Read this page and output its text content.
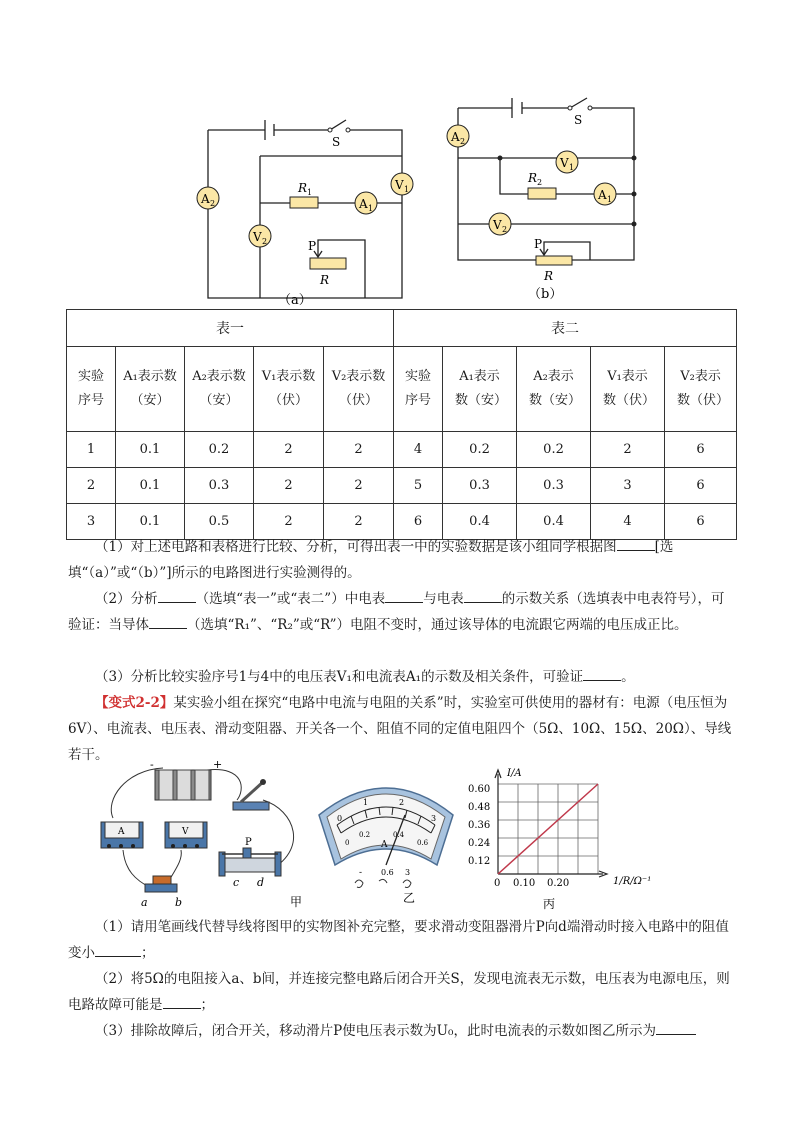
S
A 2
V 1
V 2
A 1
R 1
P
R
（a）
S
A 2
V 1
A 1
V 2
R 2
P
R
（b）
表一					表二				
实验序号	A₁表示数（安）	A₂表示数（安）	V₁表示数（伏）	V₂表示数（伏）	实验序号	A₁表示数（安）	A₂表示数（安）	V₁表示数（伏）	V₂表示数（伏）
1	0.1	0.2	2	2	4	0.2	0.2	2	6
2	0.1	0.3	2	2	5	0.3	0.3	3	6
3	0.1	0.5	2	2	6	0.4	0.4	4	6

（1）对上述电路和表格进行比较、分析，可得出表一中的实验数据是该小组同学根据图	[选填“（a）”或“（b）”]所示的电路图进行实验测得的。

（2）分析	（选填“表一”或“表二”）中电表	与电表	的示数关系（选填表中电表符号），可验证：当导体	（选填“R₁”、“R₂”或“R”）电阻不变时，通过该导体的电流跟它两端的电压成正比。

（3）分析比较实验序号1与4中的电压表V₁和电流表A₁的示数及相关条件，可验证	。

【变式2-2】某实验小组在探究“电路中电流与电阻的关系”时，实验室可供使用的器材有：电源（电压恒为6V）、电流表、电压表、滑动变阻器、开关各一个、阻值不同的定值电阻四个（5Ω、10Ω、15Ω、20Ω）、导线若干。

-	+
A	V
a b
P
c d
甲
0
1	2
3
0
0.2	0.4
0.6
A
- 0.6 3
乙
I/A
0.60
0.48
0.36
0.24
0.12
0 0.10 0.20	1/R/Ω⁻¹
丙

（1）请用笔画线代替导线将图甲的实物图补充完整，要求滑动变阻器滑片P向d端滑动时接入电路中的阻值变小	；

（2）将5Ω的电阻接入a、b间，并连接完整电路后闭合开关S，发现电流表无示数，电压表为电源电压，则电路故障可能是	；

（3）排除故障后，闭合开关，移动滑片P使电压表示数为U₀，此时电流表的示数如图乙所示为
